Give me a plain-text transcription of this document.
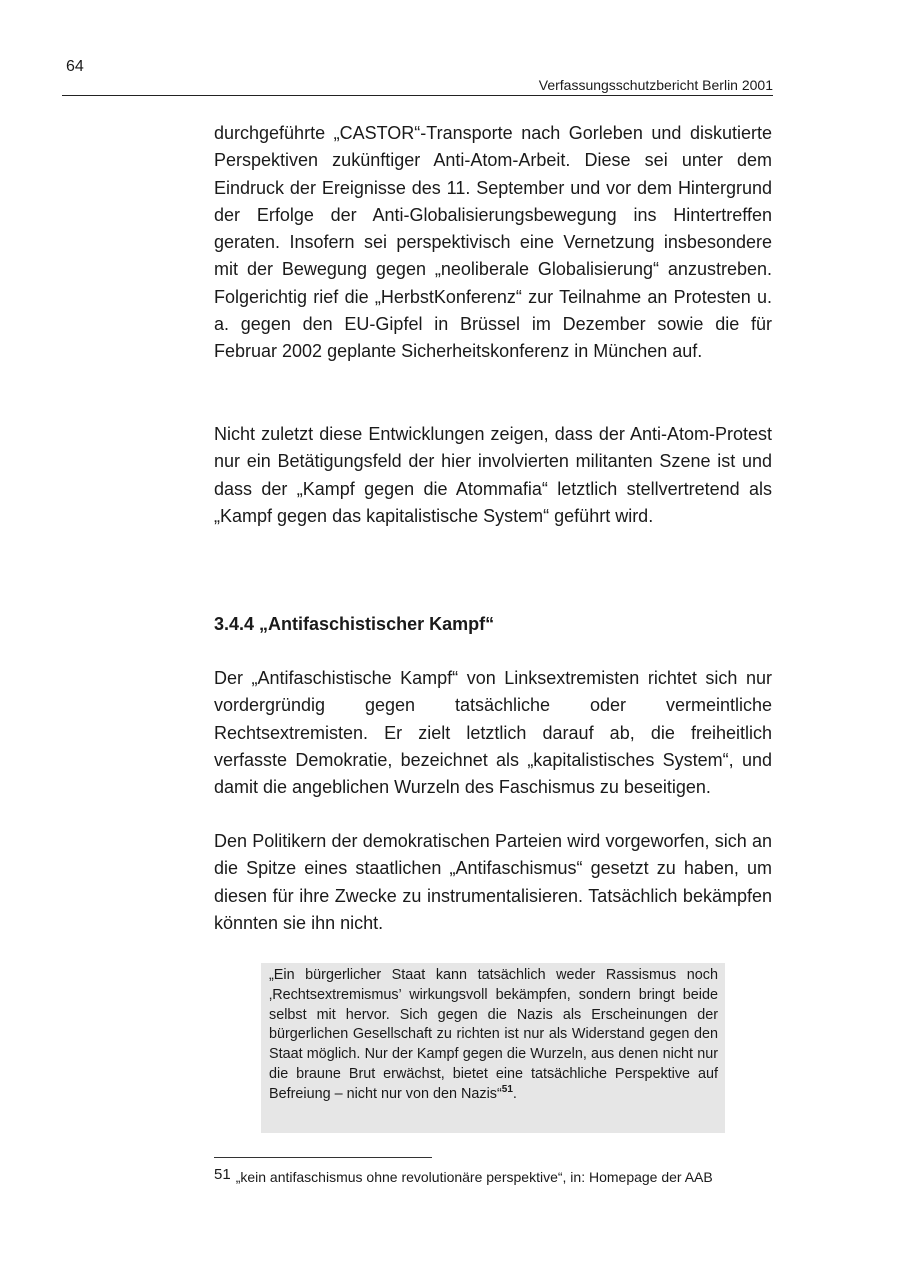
64
Verfassungsschutzbericht Berlin 2001

durchgeführte „CASTOR“-Transporte nach Gorleben und diskutierte Perspektiven zukünftiger Anti-Atom-Arbeit. Diese sei unter dem Eindruck der Ereignisse des 11. September und vor dem Hintergrund der Erfolge der Anti-Globalisierungsbewegung ins Hintertreffen geraten. Insofern sei perspektivisch eine Vernetzung insbesondere mit der Bewegung gegen „neoliberale Globalisierung“ anzustreben. Folgerichtig rief die „HerbstKonferenz“ zur Teilnahme an Protesten u. a. gegen den EU-Gipfel in Brüssel im Dezember sowie die für Februar 2002 geplante Sicherheitskonferenz in München auf.

Nicht zuletzt diese Entwicklungen zeigen, dass der Anti-Atom-Protest nur ein Betätigungsfeld der hier involvierten militanten Szene ist und dass der „Kampf gegen die Atommafia“ letztlich stellvertretend als „Kampf gegen das kapitalistische System“ geführt wird.

3.4.4 „Antifaschistischer Kampf“

Der „Antifaschistische Kampf“ von Linksextremisten richtet sich nur vordergründig gegen tatsächliche oder vermeintliche Rechtsextremisten. Er zielt letztlich darauf ab, die freiheitlich verfasste Demokratie, bezeichnet als „kapitalistisches System“, und damit die angeblichen Wurzeln des Faschismus zu beseitigen.

Den Politikern der demokratischen Parteien wird vorgeworfen, sich an die Spitze eines staatlichen „Antifaschismus“ gesetzt zu haben, um diesen für ihre Zwecke zu instrumentalisieren. Tatsächlich bekämpfen könnten sie ihn nicht.

„Ein bürgerlicher Staat kann tatsächlich weder Rassismus noch ‚Rechtsextremismus’ wirkungsvoll bekämpfen, sondern bringt beide selbst mit hervor. Sich gegen die Nazis als Erscheinungen der bürgerlichen Gesellschaft zu richten ist nur als Widerstand gegen den Staat möglich. Nur der Kampf gegen die Wurzeln, aus denen nicht nur die braune Brut erwächst, bietet eine tatsächliche Perspektive auf Befreiung – nicht nur von den Nazis“$^{51}$.

51 „kein antifaschismus ohne revolutionäre perspektive“, in: Homepage der AAB
